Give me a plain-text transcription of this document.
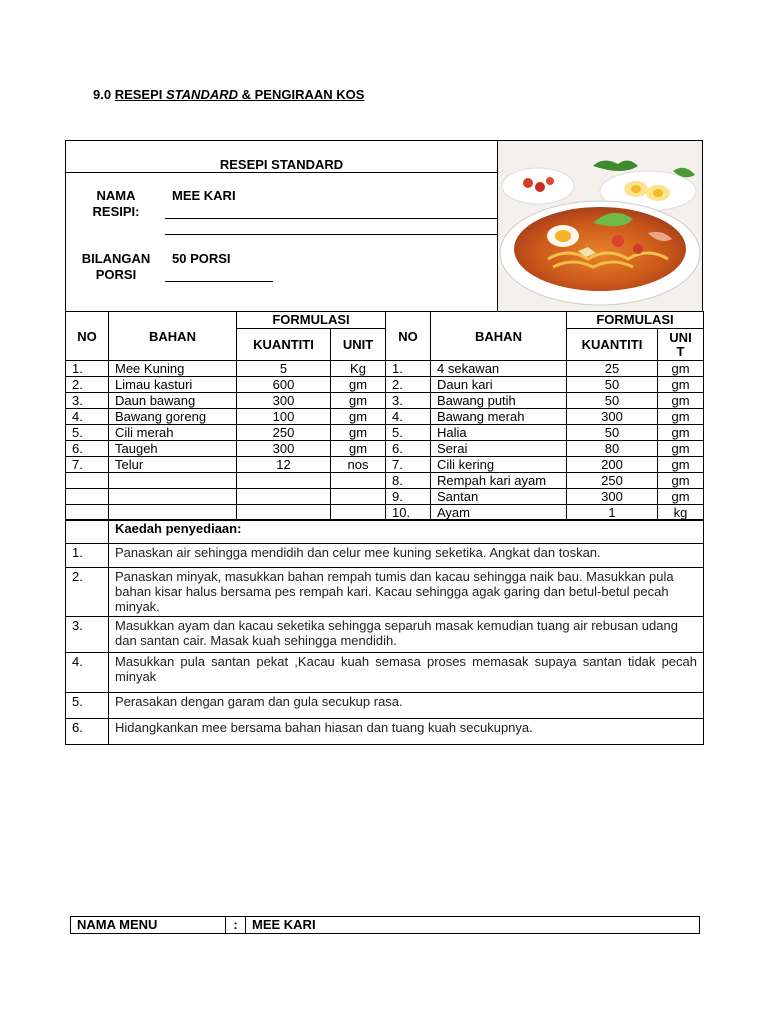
9.0 RESEPI STANDARD & PENGIRAAN KOS
RESEPI STANDARD
NAMA
RESIPI:
MEE KARI
BILANGAN
PORSI
50 PORSI
NO	BAHAN	FORMULASI		NO	BAHAN	FORMULASI	
		KUANTITI	UNIT			KUANTITI	UNI
T

1.	Mee Kuning	5	Kg	1.	4 sekawan	25	gm
2.	Limau kasturi	600	gm	2.	Daun kari	50	gm
3.	Daun bawang	300	gm	3.	Bawang putih	50	gm
4.	Bawang goreng	100	gm	4.	Bawang merah	300	gm
5.	Cili merah	250	gm	5.	Halia	50	gm
6.	Taugeh	300	gm	6.	Serai	80	gm
7.	Telur	12	nos	7.	Cili kering	200	gm
				8.	Rempah kari ayam	250	gm
				9.	Santan	300	gm
				10.	Ayam	1	kg
	Kaedah penyediaan:
1.	Panaskan air sehingga mendidih dan celur mee kuning seketika. Angkat dan toskan.
2.	Panaskan minyak, masukkan bahan rempah tumis dan kacau sehingga naik bau. Masukkan pula bahan kisar halus bersama pes rempah kari. Kacau sehingga agak garing dan betul-betul pecah minyak.
3.	Masukkan ayam dan kacau seketika sehingga separuh masak kemudian tuang air rebusan udang dan santan cair. Masak kuah sehingga mendidih.
4.	Masukkan pula santan pekat ,Kacau kuah semasa proses memasak supaya santan tidak pecah minyak
5.	Perasakan dengan garam dan gula secukup rasa.
6.	Hidangkankan mee bersama bahan hiasan dan tuang kuah secukupnya.
NAMA MENU	:	MEE KARI
